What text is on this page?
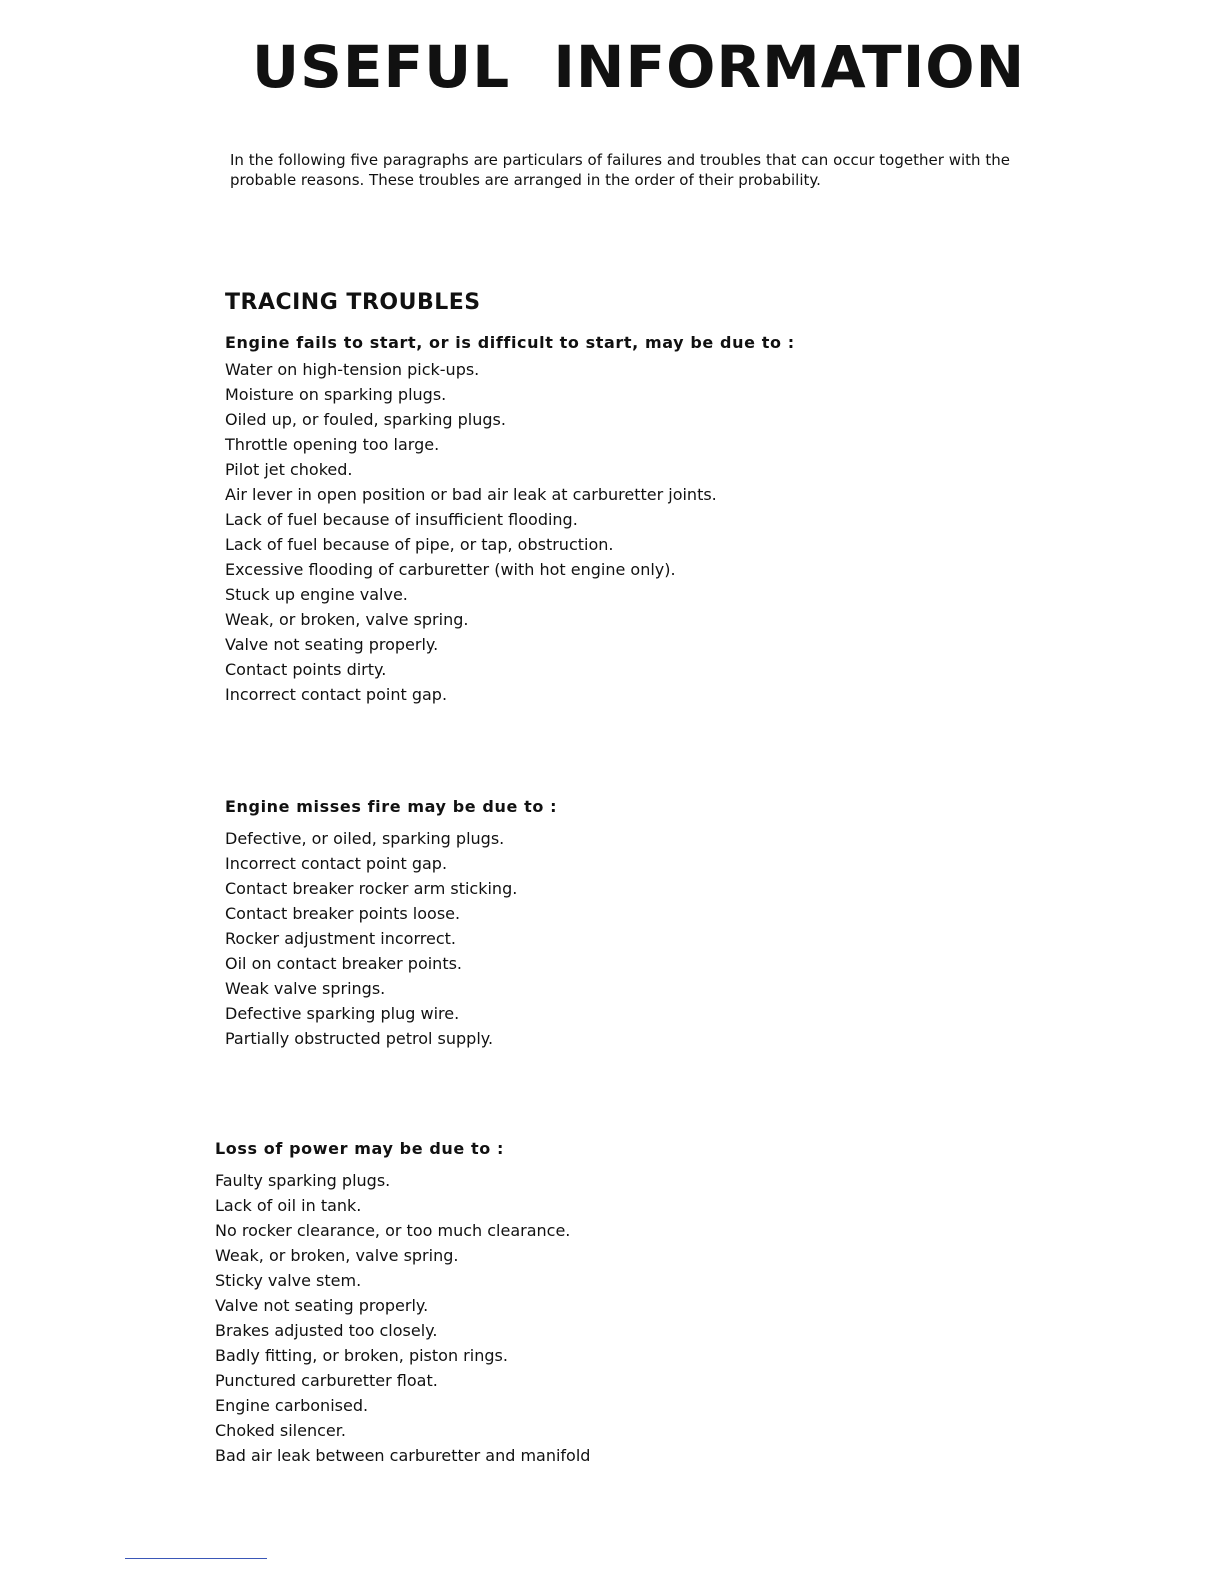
USEFUL INFORMATION

In the following five paragraphs are particulars of failures and troubles that can occur together with the probable reasons. These troubles are arranged in the order of their probability.

TRACING TROUBLES
Engine fails to start, or is difficult to start, may be due to :
Water on high-tension pick-ups.
Moisture on sparking plugs.
Oiled up, or fouled, sparking plugs.
Throttle opening too large.
Pilot jet choked.
Air lever in open position or bad air leak at carburetter joints.
Lack of fuel because of insufficient flooding.
Lack of fuel because of pipe, or tap, obstruction.
Excessive flooding of carburetter (with hot engine only).
Stuck up engine valve.
Weak, or broken, valve spring.
Valve not seating properly.
Contact points dirty.
Incorrect contact point gap.
Engine misses fire may be due to :
Defective, or oiled, sparking plugs.
Incorrect contact point gap.
Contact breaker rocker arm sticking.
Contact breaker points loose.
Rocker adjustment incorrect.
Oil on contact breaker points.
Weak valve springs.
Defective sparking plug wire.
Partially obstructed petrol supply.
Loss of power may be due to :
Faulty sparking plugs.
Lack of oil in tank.
No rocker clearance, or too much clearance.
Weak, or broken, valve spring.
Sticky valve stem.
Valve not seating properly.
Brakes adjusted too closely.
Badly fitting, or broken, piston rings.
Punctured carburetter float.
Engine carbonised.
Choked silencer.
Bad air leak between carburetter and manifold
